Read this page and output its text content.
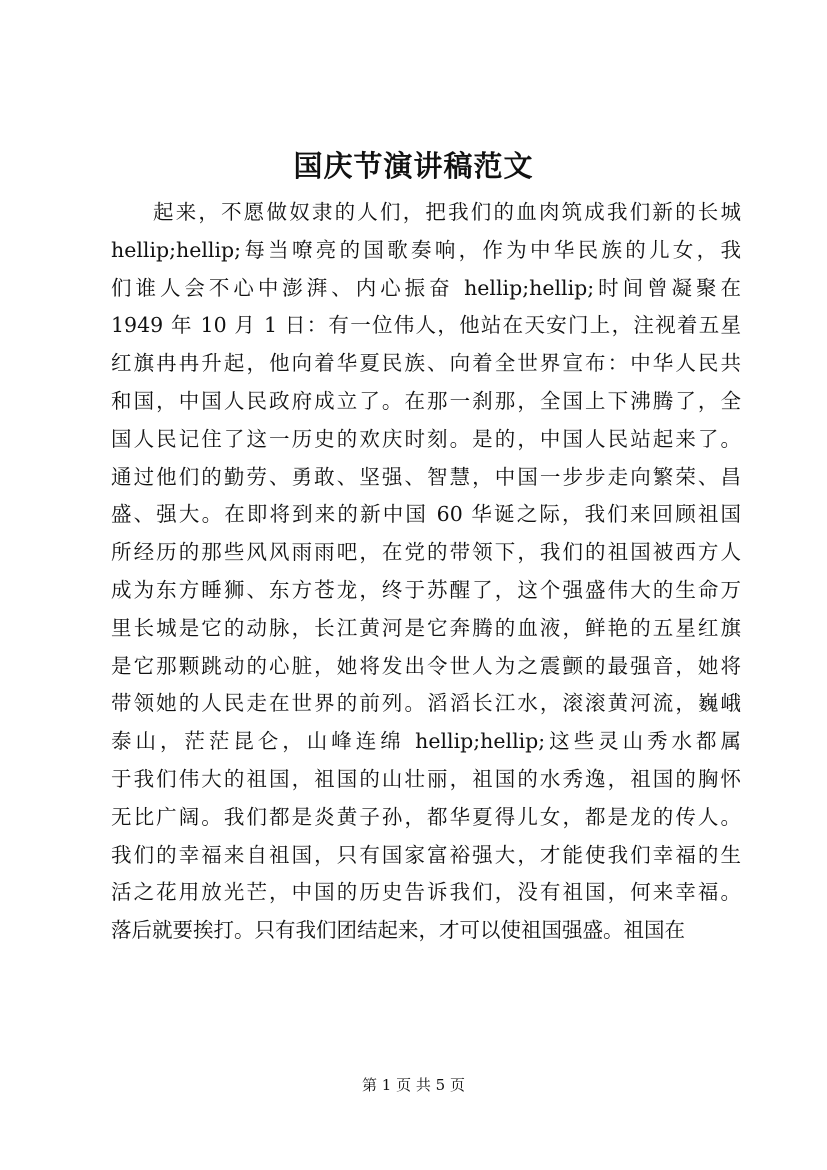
国庆节演讲稿范文
起来，不愿做奴隶的人们，把我们的血肉筑成我们新的长城
hellip;hellip;每当嘹亮的国歌奏响，作为中华民族的儿女，我
们谁人会不心中澎湃、内心振奋 hellip;hellip;时间曾凝聚在
1949 年 10 月 1 日：有一位伟人，他站在天安门上，注视着五星
红旗冉冉升起，他向着华夏民族、向着全世界宣布：中华人民共
和国，中国人民政府成立了。在那一刹那，全国上下沸腾了，全
国人民记住了这一历史的欢庆时刻。是的，中国人民站起来了。
通过他们的勤劳、勇敢、坚强、智慧，中国一步步走向繁荣、昌
盛、强大。在即将到来的新中国 60 华诞之际，我们来回顾祖国
所经历的那些风风雨雨吧，在党的带领下，我们的祖国被西方人
成为东方睡狮、东方苍龙，终于苏醒了，这个强盛伟大的生命万
里长城是它的动脉，长江黄河是它奔腾的血液，鲜艳的五星红旗
是它那颗跳动的心脏，她将发出令世人为之震颤的最强音，她将
带领她的人民走在世界的前列。滔滔长江水，滚滚黄河流，巍峨
泰山，茫茫昆仑，山峰连绵 hellip;hellip;这些灵山秀水都属
于我们伟大的祖国，祖国的山壮丽，祖国的水秀逸，祖国的胸怀
无比广阔。我们都是炎黄子孙，都华夏得儿女，都是龙的传人。
我们的幸福来自祖国，只有国家富裕强大，才能使我们幸福的生
活之花用放光芒，中国的历史告诉我们，没有祖国，何来幸福。
落后就要挨打。只有我们团结起来，才可以使祖国强盛。祖国在
第 1 页 共 5 页
